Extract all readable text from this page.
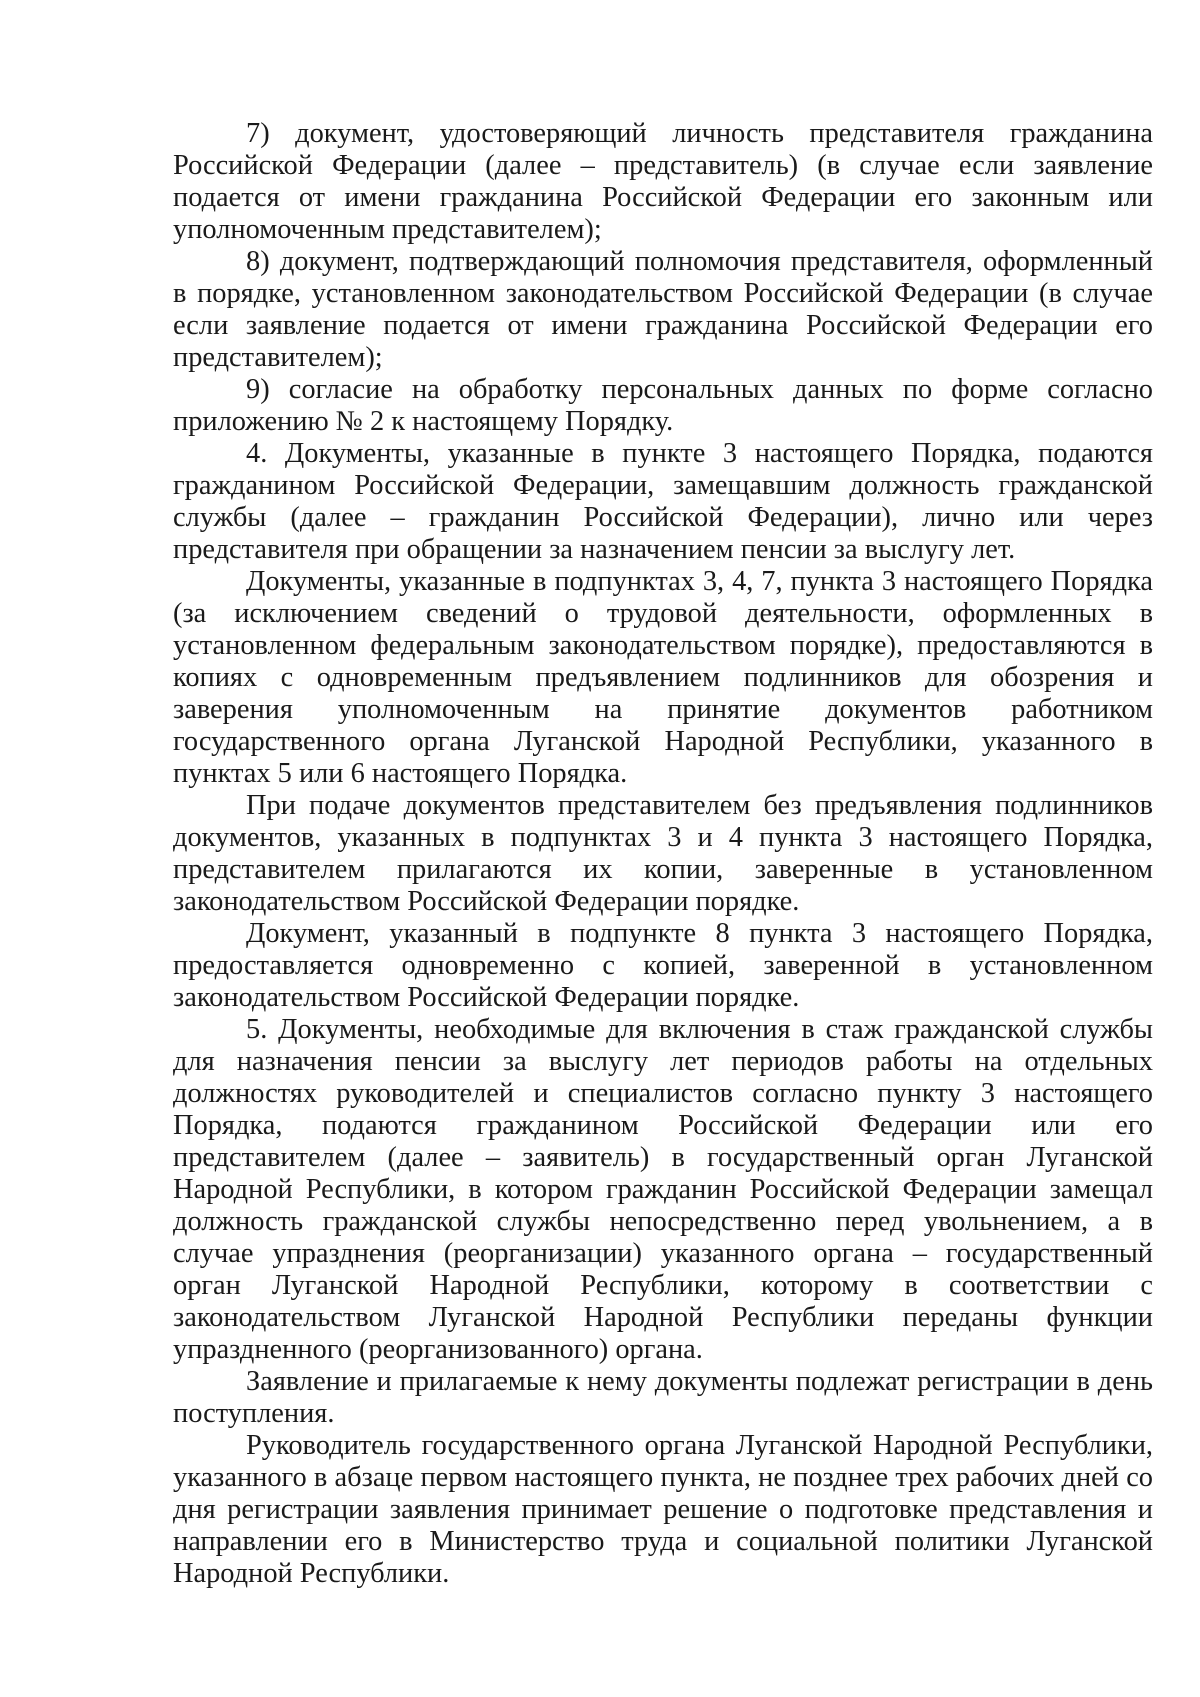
7) документ, удостоверяющий личность представителя гражданина Российской Федерации (далее – представитель) (в случае если заявление подается от имени гражданина Российской Федерации его законным или уполномоченным представителем);

8) документ, подтверждающий полномочия представителя, оформленный в порядке, установленном законодательством Российской Федерации (в случае если заявление подается от имени гражданина Российской Федерации его представителем);

9) согласие на обработку персональных данных по форме согласно приложению № 2 к настоящему Порядку.

4. Документы, указанные в пункте 3 настоящего Порядка, подаются гражданином Российской Федерации, замещавшим должность гражданской службы (далее – гражданин Российской Федерации), лично или через представителя при обращении за назначением пенсии за выслугу лет.

Документы, указанные в подпунктах 3, 4, 7, пункта 3 настоящего Порядка (за исключением сведений о трудовой деятельности, оформленных в установленном федеральным законодательством порядке), предоставляются в копиях с одновременным предъявлением подлинников для обозрения и заверения уполномоченным на принятие документов работником государственного органа Луганской Народной Республики, указанного в пунктах 5 или 6 настоящего Порядка.

При подаче документов представителем без предъявления подлинников документов, указанных в подпунктах 3 и 4 пункта 3 настоящего Порядка, представителем прилагаются их копии, заверенные в установленном законодательством Российской Федерации порядке.

Документ, указанный в подпункте 8 пункта 3 настоящего Порядка, предоставляется одновременно с копией, заверенной в установленном законодательством Российской Федерации порядке.

5. Документы, необходимые для включения в стаж гражданской службы для назначения пенсии за выслугу лет периодов работы на отдельных должностях руководителей и специалистов согласно пункту 3 настоящего Порядка, подаются гражданином Российской Федерации или его представителем (далее – заявитель) в государственный орган Луганской Народной Республики, в котором гражданин Российской Федерации замещал должность гражданской службы непосредственно перед увольнением, а в случае упразднения (реорганизации) указанного органа – государственный орган Луганской Народной Республики, которому в соответствии с законодательством Луганской Народной Республики переданы функции упраздненного (реорганизованного) органа.

Заявление и прилагаемые к нему документы подлежат регистрации в день поступления.

Руководитель государственного органа Луганской Народной Республики, указанного в абзаце первом настоящего пункта, не позднее трех рабочих дней со дня регистрации заявления принимает решение о подготовке представления и направлении его в Министерство труда и социальной политики Луганской Народной Республики.
